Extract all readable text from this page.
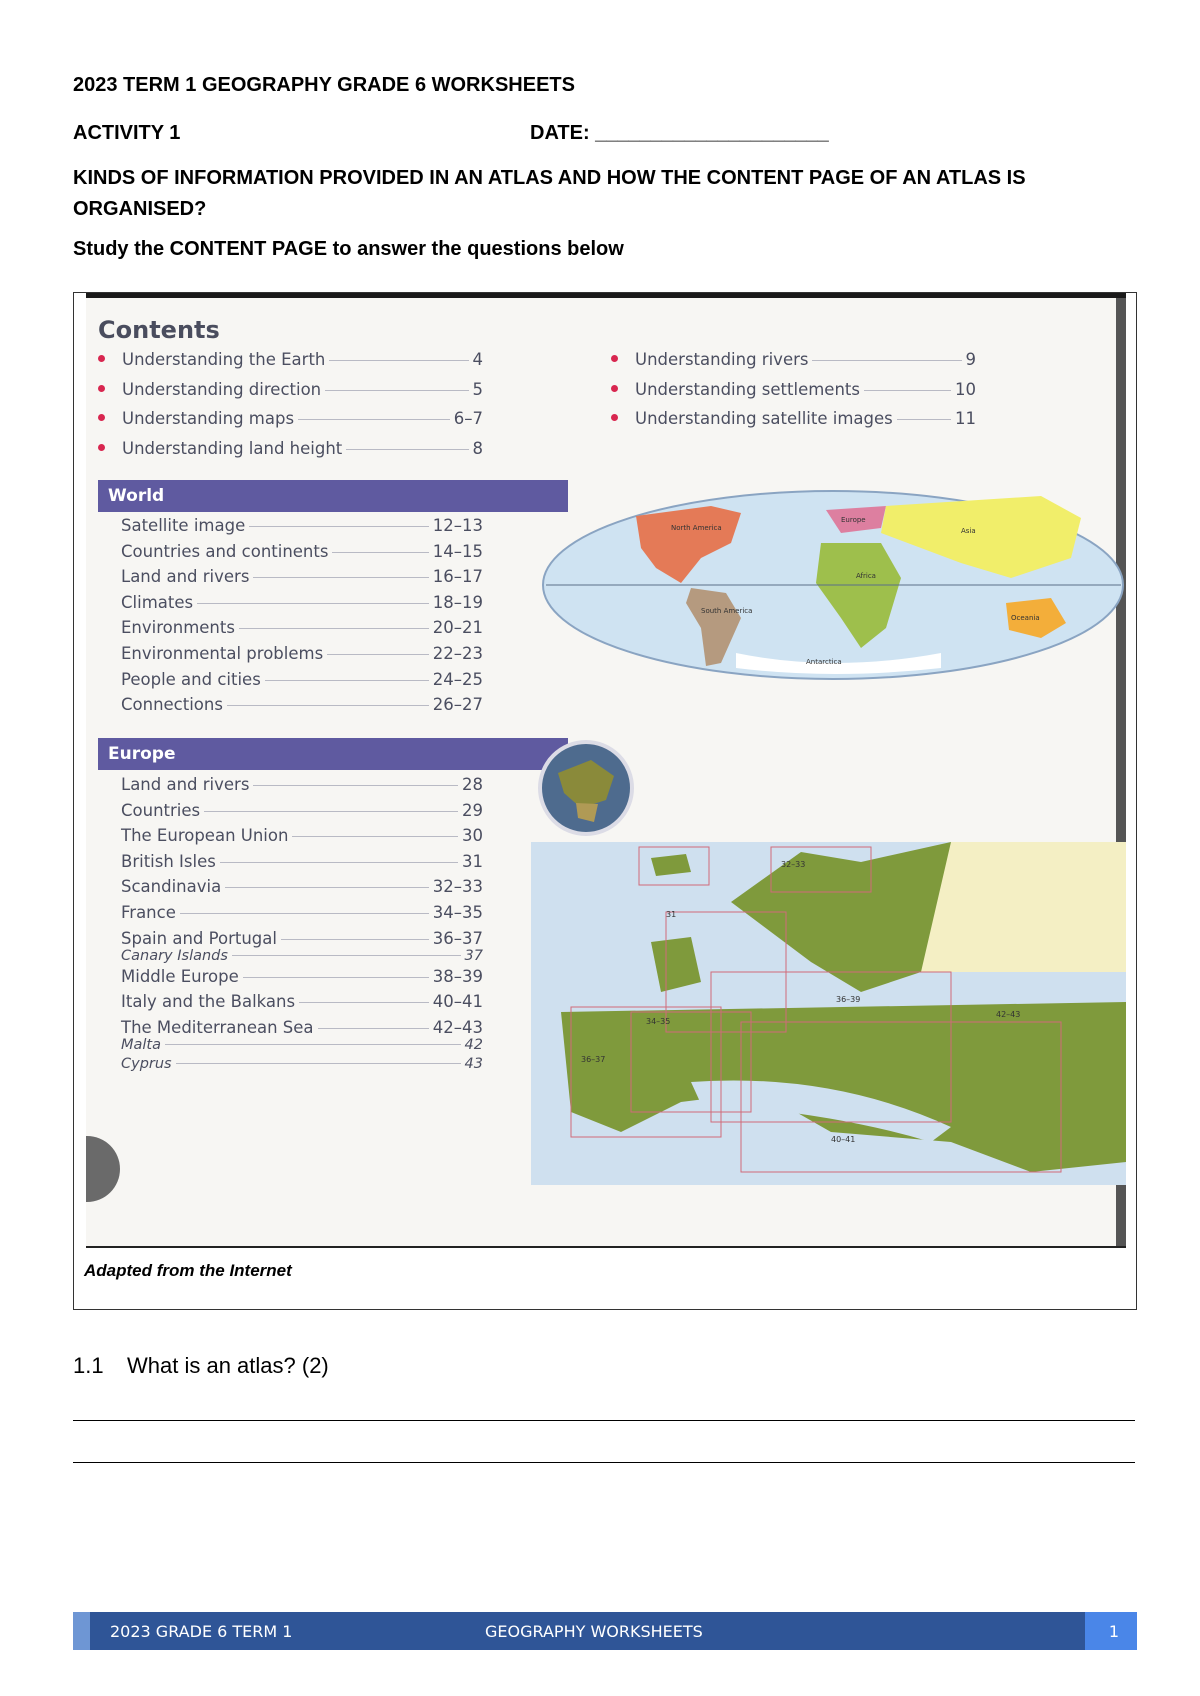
2023 TERM 1 GEOGRAPHY GRADE 6 WORKSHEETS
ACTIVITY 1	DATE: _____________________
KINDS OF INFORMATION PROVIDED IN AN ATLAS AND HOW THE CONTENT PAGE OF AN ATLAS IS ORGANISED?
Study the CONTENT PAGE to answer the questions below
Contents
Understanding the Earth	4
Understanding direction	5
Understanding maps	6–7
Understanding land height	8
Understanding rivers	9
Understanding settlements	10
Understanding satellite images	11
World
Satellite image	12–13
Countries and continents	14–15
Land and rivers	16–17
Climates	18–19
Environments	20–21
Environmental problems	22–23
People and cities	24–25
Connections	26–27
Europe
Land and rivers	28
Countries	29
The European Union	30
British Isles	31
Scandinavia	32–33
France	34–35
Spain and Portugal	36–37
Canary Islands	37
Middle Europe	38–39
Italy and the Balkans	40–41
The Mediterranean Sea	42–43
Malta	42
Cyprus	43
North America
Europe
Asia
Africa
South America
Oceania
Antarctica
32–33
31
36–39
34–35
42–43
36–37
40–41
Adapted from the Internet
1.1 What is an atlas? (2)
2023 GRADE 6 TERM 1	GEOGRAPHY WORKSHEETS	1
